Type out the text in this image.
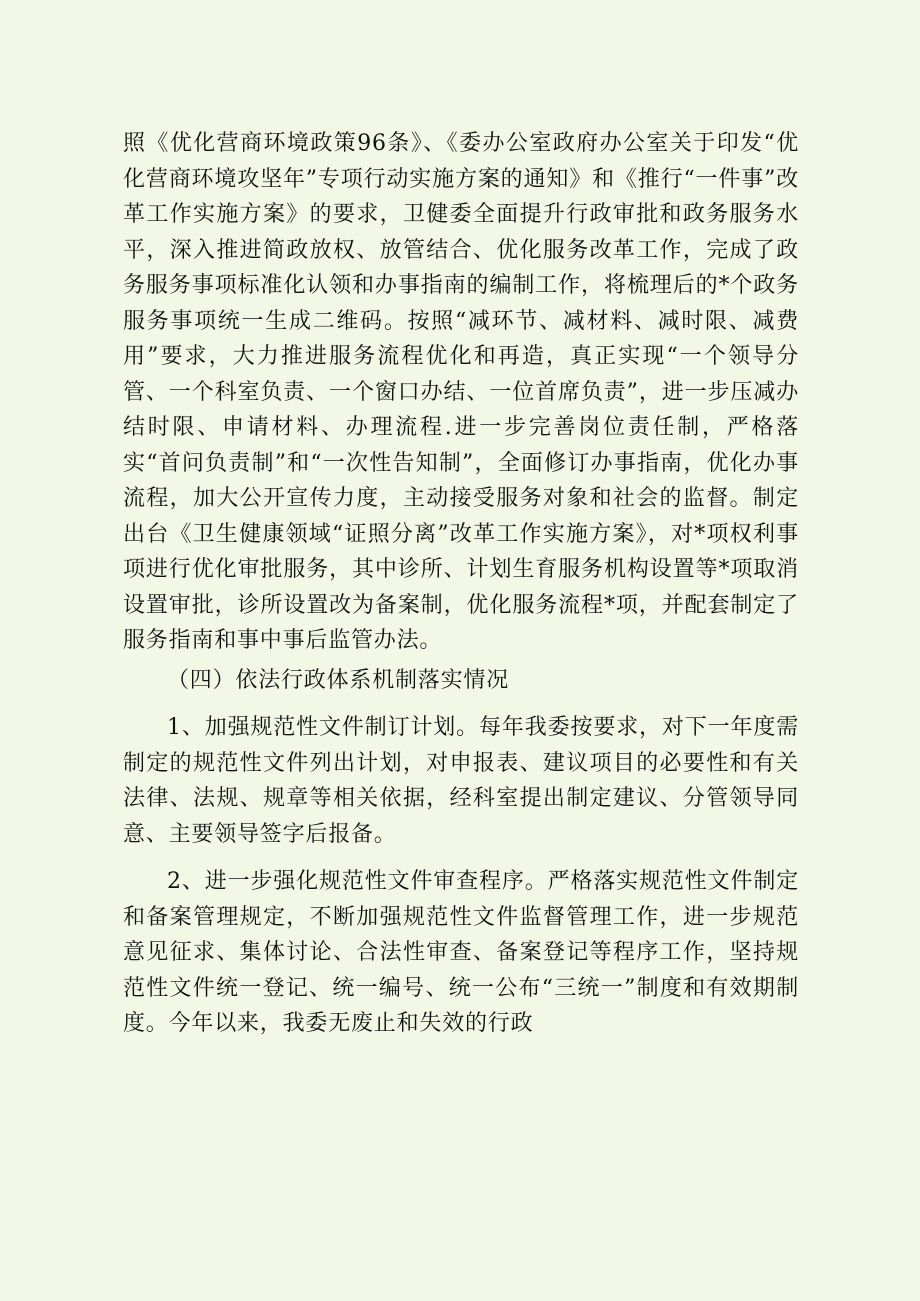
照《优化营商环境政策96条》、《委办公室政府办公室关于印发“优化营商环境攻坚年”专项行动实施方案的通知》和《推行“一件事”改革工作实施方案》的要求，卫健委全面提升行政审批和政务服务水平，深入推进简政放权、放管结合、优化服务改革工作，完成了政务服务事项标准化认领和办事指南的编制工作，将梳理后的*个政务服务事项统一生成二维码。按照“减环节、减材料、减时限、减费用”要求，大力推进服务流程优化和再造，真正实现“一个领导分管、一个科室负责、一个窗口办结、一位首席负责”，进一步压减办结时限、申请材料、办理流程.进一步完善岗位责任制，严格落实“首问负责制”和“一次性告知制”，全面修订办事指南，优化办事流程，加大公开宣传力度，主动接受服务对象和社会的监督。制定出台《卫生健康领域“证照分离”改革工作实施方案》，对*项权利事项进行优化审批服务，其中诊所、计划生育服务机构设置等*项取消设置审批，诊所设置改为备案制，优化服务流程*项，并配套制定了服务指南和事中事后监管办法。

（四）依法行政体系机制落实情况

1、加强规范性文件制订计划。每年我委按要求，对下一年度需制定的规范性文件列出计划，对申报表、建议项目的必要性和有关法律、法规、规章等相关依据，经科室提出制定建议、分管领导同意、主要领导签字后报备。

2、进一步强化规范性文件审查程序。严格落实规范性文件制定和备案管理规定，不断加强规范性文件监督管理工作，进一步规范意见征求、集体讨论、合法性审查、备案登记等程序工作，坚持规范性文件统一登记、统一编号、统一公布“三统一”制度和有效期制度。今年以来，我委无废止和失效的行政
